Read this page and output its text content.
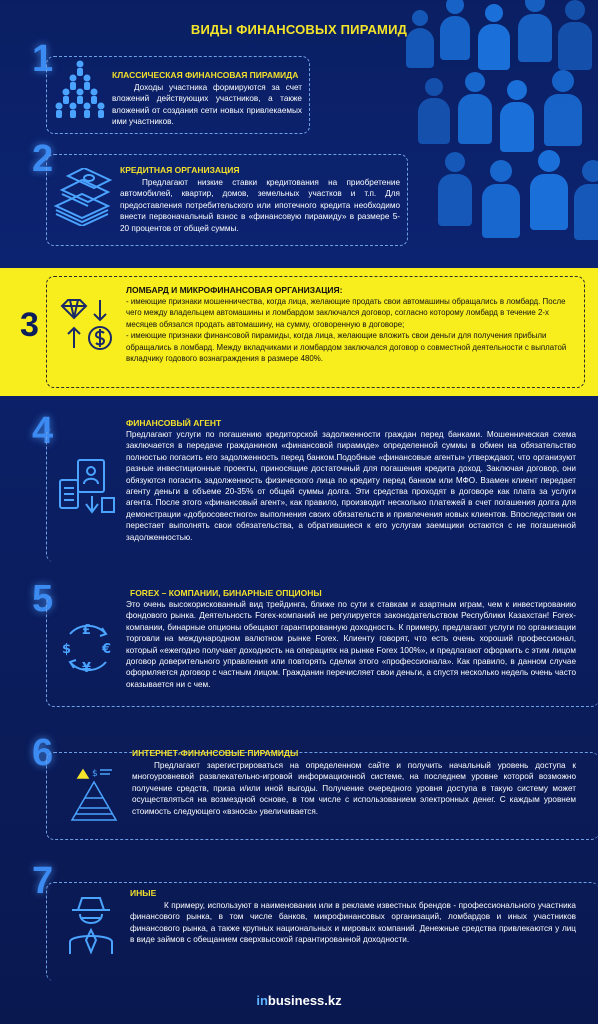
ВИДЫ ФИНАНСОВЫХ ПИРАМИД
1	КЛАССИЧЕСКАЯ ФИНАНСОВАЯ ПИРАМИДА
Доходы участника формируются за счет вложений действующих участников, а также вложений от создания сети новых привлекаемых ими участников.
2	КРЕДИТНАЯ ОРГАНИЗАЦИЯ
Предлагают низкие ставки кредитования на приобретение автомобилей, квартир, домов, земельных участков и т.п. Для предоставления потребительского или ипотечного кредита необходимо внести первоначальный взнос в «финансовую пирамиду» в размере 5-20 процентов от общей суммы.
3
ЛОМБАРД И МИКРОФИНАНСОВАЯ ОРГАНИЗАЦИЯ:

- имеющие признаки мошенничества, когда лица, желающие продать свои автомашины обращались в ломбард. После чего между владельцем автомашины и ломбардом заключался договор, согласно которому ломбард в течение 2-х месяцев обязался продать автомашину, на сумму, оговоренную в договоре;

- имеющие признаки финансовой пирамиды, когда лица, желающие вложить свои деньги для получения прибыли обращались в ломбард. Между вкладчиками и ломбардом заключался договор о совместной деятельности с выплатой вкладчику годового вознаграждения в размере 480%.

4	ФИНАНСОВЫЙ АГЕНТ
Предлагают услуги по погашению кредиторской задолженности граждан перед банками. Мошенническая схема заключается в передаче гражданином «финансовой пирамиде» определенной суммы в обмен на обязательство полностью погасить его задолженность перед банком.Подобные «финансовые агенты» утверждают, что организуют разные инвестиционные проекты, приносящие достаточный для погашения кредита доход. Заключая договор, они обязуются погасить задолженность физического лица по кредиту перед банком или МФО. Взамен клиент передает агенту деньги в объеме 20-35% от общей суммы долга. Эти средства проходят в договоре как плата за услуги агента. После этого «финансовый агент», как правило, производит несколько платежей в счет погашения долга для демонстрации «добросовестного» выполнения своих обязательств и привлечения новых клиентов. Впоследствии он перестает выполнять свои обязательства, а обратившиеся к его услугам заемщики остаются с не погашенной задолженностью.
5
£
$ €
¥
FOREX – КОМПАНИИ, БИНАРНЫЕ ОПЦИОНЫ
Это очень высокорискованный вид трейдинга, ближе по сути к ставкам и азартным играм, чем к инвестированию фондового рынка. Деятельность Forex-компаний не регулируется законодательством Республики Казахстан! Forex-компании, бинарные опционы обещают гарантированную доходность. К примеру, предлагают услуги по организации торговли на международном валютном рынке Forex. Клиенту говорят, что есть очень хороший профессионал, который «ежегодно получает доходность на операциях на рынке Forex 100%», и предлагают оформить с этим лицом договор доверительного управления или повторять сделки этого «профессионала». Как правило, в данном случае оформляется договор с частным лицом. Гражданин перечисляет свои деньги, а спустя несколько недель очень часто оказывается ни с чем.
6	$
ИНТЕРНЕТ-ФИНАНСОВЫЕ ПИРАМИДЫ
Предлагают зарегистрироваться на определенном сайте и получить начальный уровень доступа к многоуровневой развлекательно-игровой информационной системе, на последнем уровне которой возможно получение средств, приза и/или иной выгоды. Получение очередного уровня доступа в такую систему может осуществляться на возмездной основе, в том числе с использованием электронных денег. С каждым уровнем стоимость следующего «взноса» увеличивается.
7	ИНЫЕ
К примеру, используют в наименовании или в рекламе известных брендов - профессионального участника финансового рынка, в том числе банков, микрофинансовых организаций, ломбардов и иных участников финансового рынка, а также крупных национальных и мировых компаний. Денежные средства привлекаются у лиц в виде займов с обещанием сверхвысокой гарантированной доходности.
inbusiness.kz
